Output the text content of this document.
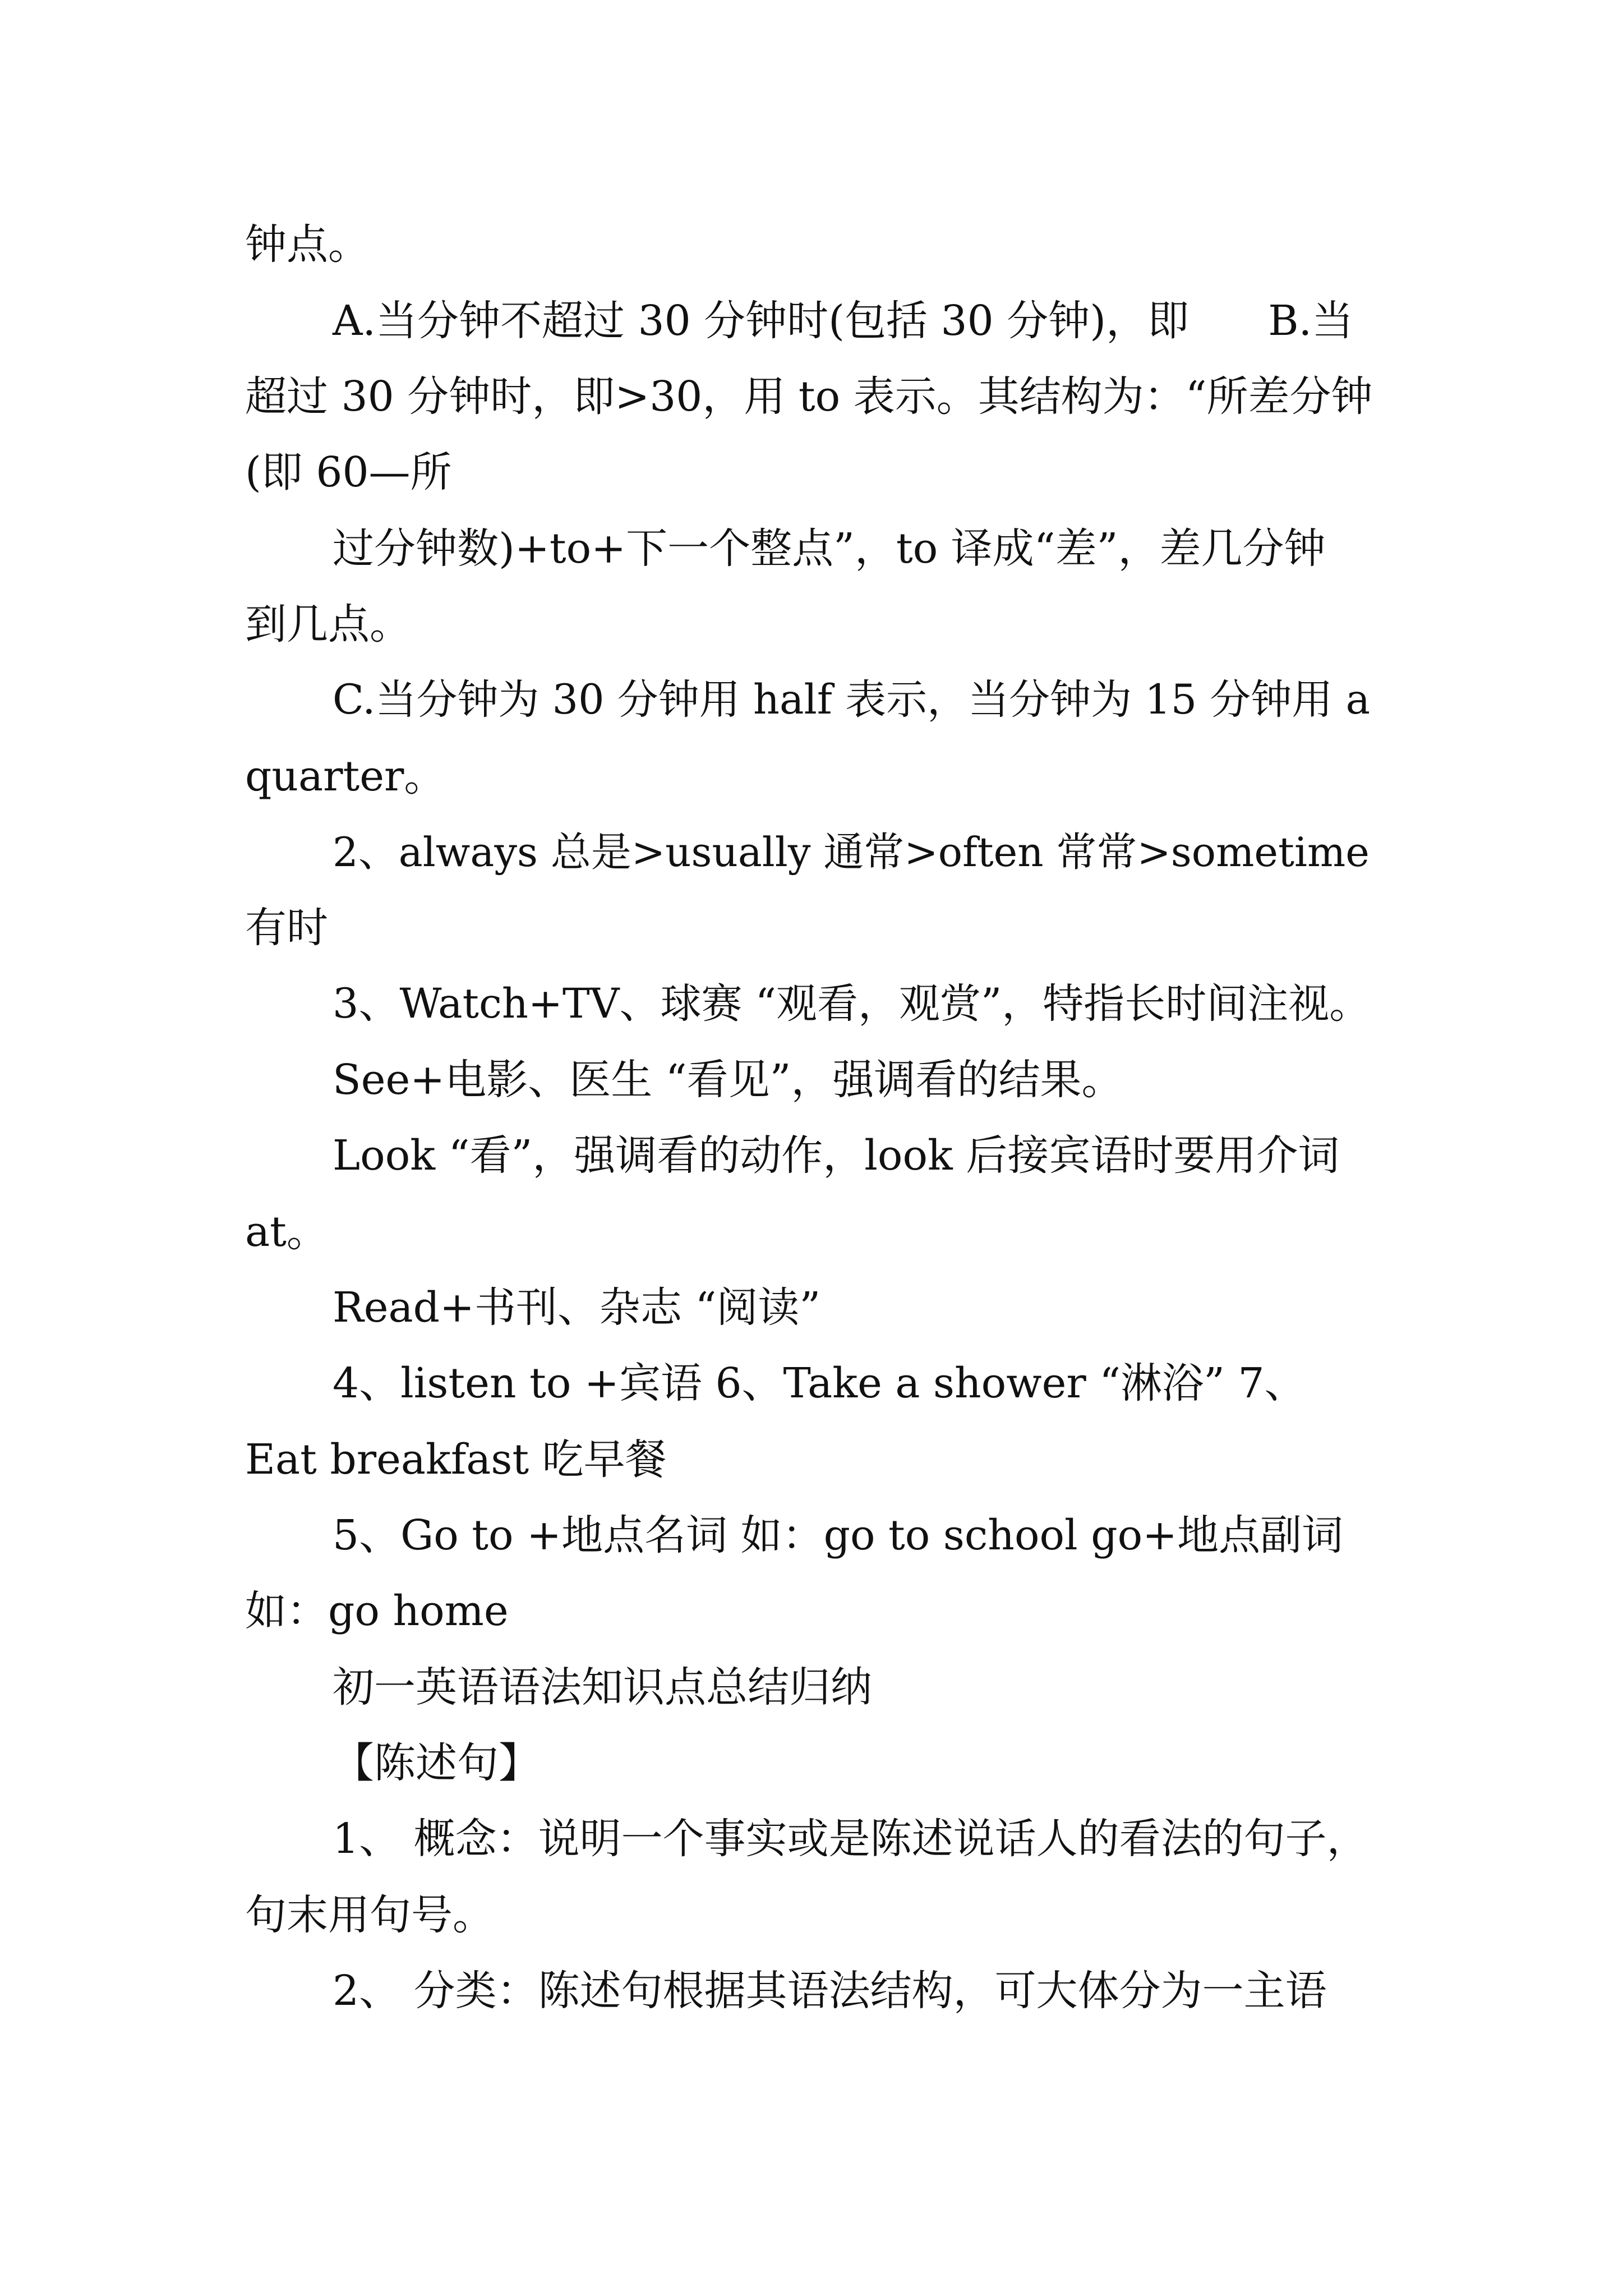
钟点。

A.当分钟不超过 30 分钟时(包括 30 分钟)，即      B.当

超过 30 分钟时，即>30，用 to 表示。其结构为：“所差分钟

(即 60—所

过分钟数)+to+下一个整点”，to 译成“差”，差几分钟

到几点。

C.当分钟为 30 分钟用 half 表示，当分钟为 15 分钟用 a

quarter。

2、always 总是>usually 通常>often 常常>sometime

有时

3、Watch+TV、球赛 “观看，观赏”，特指长时间注视。

See+电影、医生 “看见”，强调看的结果。

Look “看”，强调看的动作，look 后接宾语时要用介词

at。

Read+书刊、杂志 “阅读”

4、listen to +宾语 6、Take a shower “淋浴” 7、

Eat breakfast 吃早餐

5、Go to +地点名词 如：go to school go+地点副词

如：go home

初一英语语法知识点总结归纳

【陈述句】

1、 概念：说明一个事实或是陈述说话人的看法的句子，

句末用句号。

2、 分类：陈述句根据其语法结构，可大体分为一主语
